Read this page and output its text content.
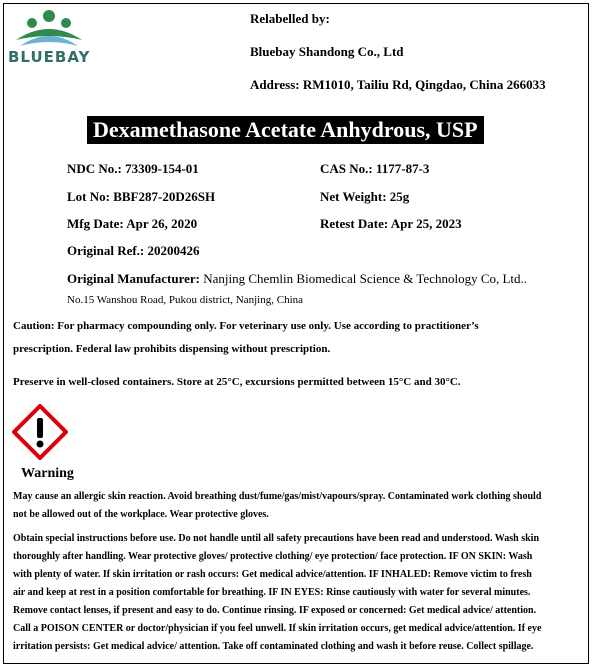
BLUEBAY
Relabelled by:
Bluebay Shandong Co., Ltd
Address: RM1010, Tailiu Rd, Qingdao, China 266033
Dexamethasone Acetate Anhydrous, USP
NDC No.: 73309-154-01	CAS No.: 1177-87-3
Lot No: BBF287-20D26SH	Net Weight: 25g
Mfg Date: Apr 26, 2020	Retest Date: Apr 25, 2023
Original Ref.: 20200426
Original Manufacturer: Nanjing Chemlin Biomedical Science & Technology Co, Ltd..
No.15 Wanshou Road, Pukou district, Nanjing, China
Caution: For pharmacy compounding only. For veterinary use only. Use according to practitioner’s
prescription. Federal law prohibits dispensing without prescription.
Preserve in well-closed containers. Store at 25°C, excursions permitted between 15°C and 30°C.
Warning
May cause an allergic skin reaction. Avoid breathing dust/fume/gas/mist/vapours/spray. Contaminated work clothing should
not be allowed out of the workplace. Wear protective gloves.
Obtain special instructions before use. Do not handle until all safety precautions have been read and understood. Wash skin
thoroughly after handling. Wear protective gloves/ protective clothing/ eye protection/ face protection. IF ON SKIN: Wash
with plenty of water. If skin irritation or rash occurs: Get medical advice/attention. IF INHALED: Remove victim to fresh
air and keep at rest in a position comfortable for breathing. IF IN EYES: Rinse cautiously with water for several minutes.
Remove contact lenses, if present and easy to do. Continue rinsing. IF exposed or concerned: Get medical advice/ attention.
Call a POISON CENTER or doctor/physician if you feel unwell. If skin irritation occurs, get medical advice/attention. If eye
irritation persists: Get medical advice/ attention. Take off contaminated clothing and wash it before reuse. Collect spillage.
